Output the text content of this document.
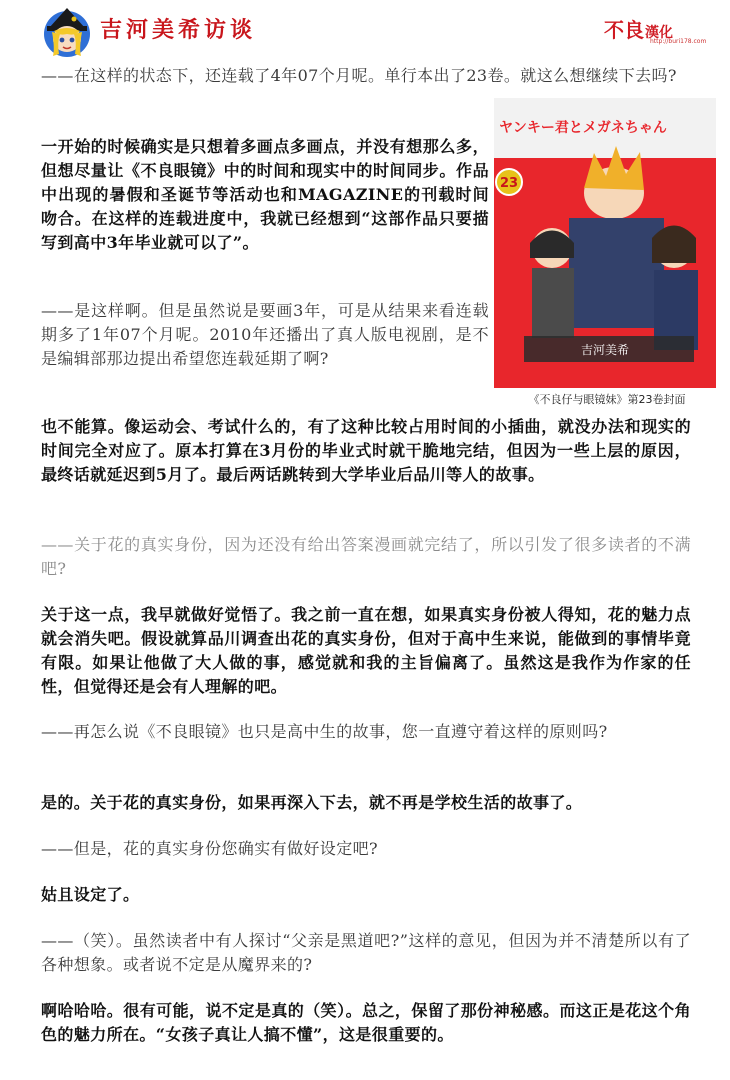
吉河美希访谈	不良漢化
http://buri178.com

——在这样的状态下，还连载了4年07个月呢。单行本出了23卷。就这么想继续下去吗?

一开始的时候确实是只想着多画点多画点，并没有想那么多，但想尽量让《不良眼镜》中的时间和现实中的时间同步。作品中出现的暑假和圣诞节等活动也和MAGAZINE的刊载时间吻合。在这样的连载进度中，我就已经想到“这部作品只要描写到高中3年毕业就可以了”。

——是这样啊。但是虽然说是要画3年，可是从结果来看连载期多了1年07个月呢。2010年还播出了真人版电视剧，是不是编辑部那边提出希望您连载延期了啊?

也不能算。像运动会、考试什么的，有了这种比较占用时间的小插曲，就没办法和现实的时间完全对应了。原本打算在3月份的毕业式时就干脆地完结，但因为一些上层的原因，最终话就延迟到5月了。最后两话跳转到大学毕业后品川等人的故事。

——关于花的真实身份，因为还没有给出答案漫画就完结了，所以引发了很多读者的不满吧?

关于这一点，我早就做好觉悟了。我之前一直在想，如果真实身份被人得知，花的魅力点就会消失吧。假设就算品川调查出花的真实身份，但对于高中生来说，能做到的事情毕竟有限。如果让他做了大人做的事，感觉就和我的主旨偏离了。虽然这是我作为作家的任性，但觉得还是会有人理解的吧。

——再怎么说《不良眼镜》也只是高中生的故事，您一直遵守着这样的原则吗?

是的。关于花的真实身份，如果再深入下去，就不再是学校生活的故事了。

——但是，花的真实身份您确实有做好设定吧?

姑且设定了。

——（笑）。虽然读者中有人探讨“父亲是黑道吧?”这样的意见，但因为并不清楚所以有了各种想象。或者说不定是从魔界来的?

啊哈哈哈。很有可能，说不定是真的（笑）。总之，保留了那份神秘感。而这正是花这个角色的魅力所在。“女孩子真让人搞不懂”，这是很重要的。

ヤンキー君とメガネちゃん
23
吉河美希
《不良仔与眼镜妹》第23卷封面
